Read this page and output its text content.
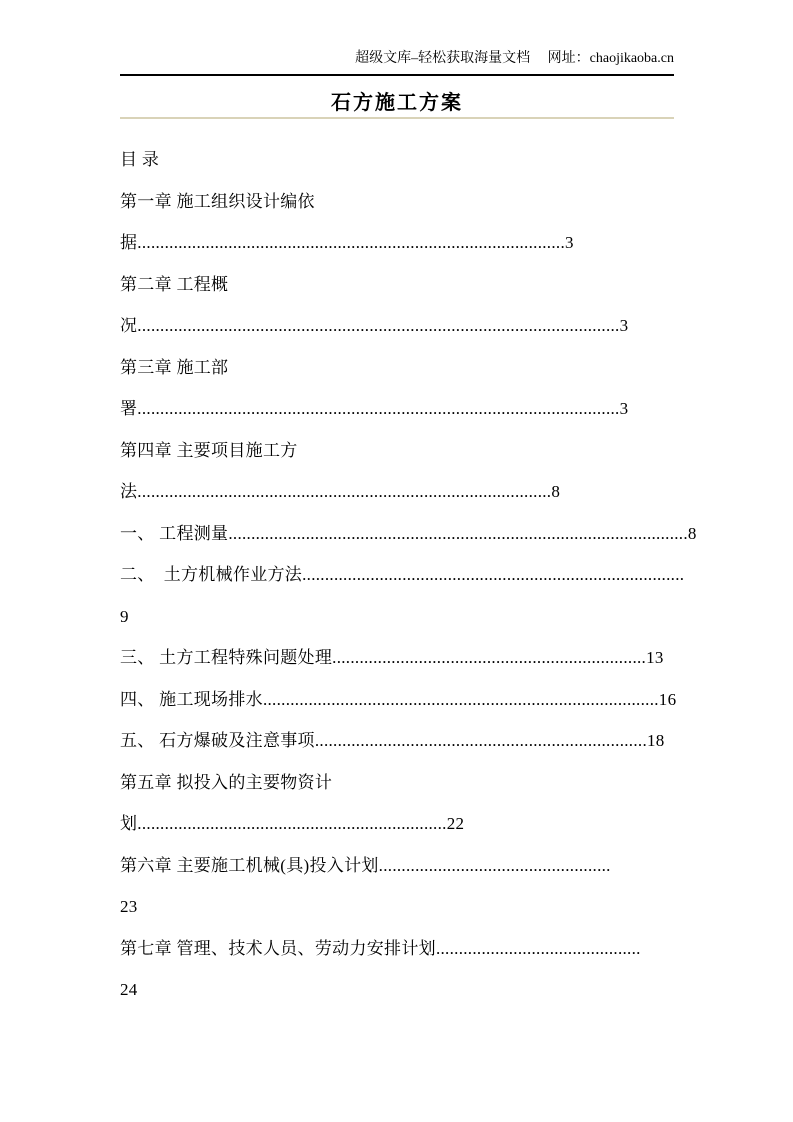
超级文库–轻松获取海量文档　 网址：chaojikaoba.cn
石方施工方案
目 录
第一章 施工组织设计编依
据..............................................................................................3
第二章 工程概
况..........................................................................................................3
第三章 施工部
署..........................................................................................................3
第四章 主要项目施工方
法...........................................................................................8
一、 工程测量.....................................................................................................8
二、  土方机械作业方法....................................................................................
9
三、 土方工程特殊问题处理.....................................................................13
四、 施工现场排水.......................................................................................16
五、 石方爆破及注意事项.........................................................................18
第五章 拟投入的主要物资计
划....................................................................22
第六章 主要施工机械(具)投入计划...................................................
23
第七章 管理、技术人员、劳动力安排计划.............................................
24
